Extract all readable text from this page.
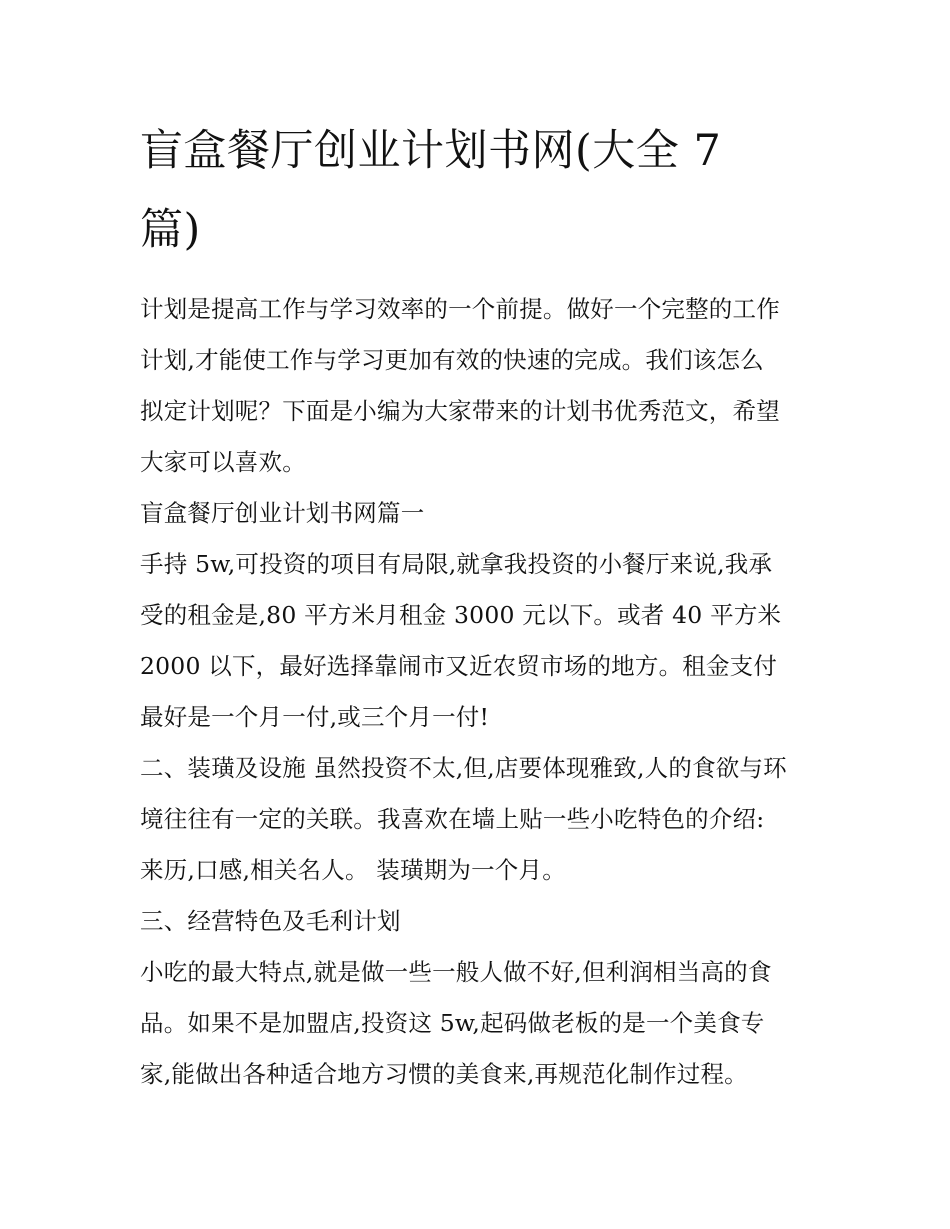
盲盒餐厅创业计划书网(大全 7
篇)

计划是提高工作与学习效率的一个前提。做好一个完整的工作

计划,才能使工作与学习更加有效的快速的完成。我们该怎么

拟定计划呢？下面是小编为大家带来的计划书优秀范文，希望

大家可以喜欢。

盲盒餐厅创业计划书网篇一

手持 5w,可投资的项目有局限,就拿我投资的小餐厅来说,我承

受的租金是,80 平方米月租金 3000 元以下。或者 40 平方米

2000 以下，最好选择靠闹市又近农贸市场的地方。租金支付

最好是一个月一付,或三个月一付!

二、装璜及设施 虽然投资不太,但,店要体现雅致,人的食欲与环

境往往有一定的关联。我喜欢在墙上贴一些小吃特色的介绍:

来历,口感,相关名人。 装璜期为一个月。

三、经营特色及毛利计划

小吃的最大特点,就是做一些一般人做不好,但利润相当高的食

品。如果不是加盟店,投资这 5w,起码做老板的是一个美食专

家,能做出各种适合地方习惯的美食来,再规范化制作过程。
